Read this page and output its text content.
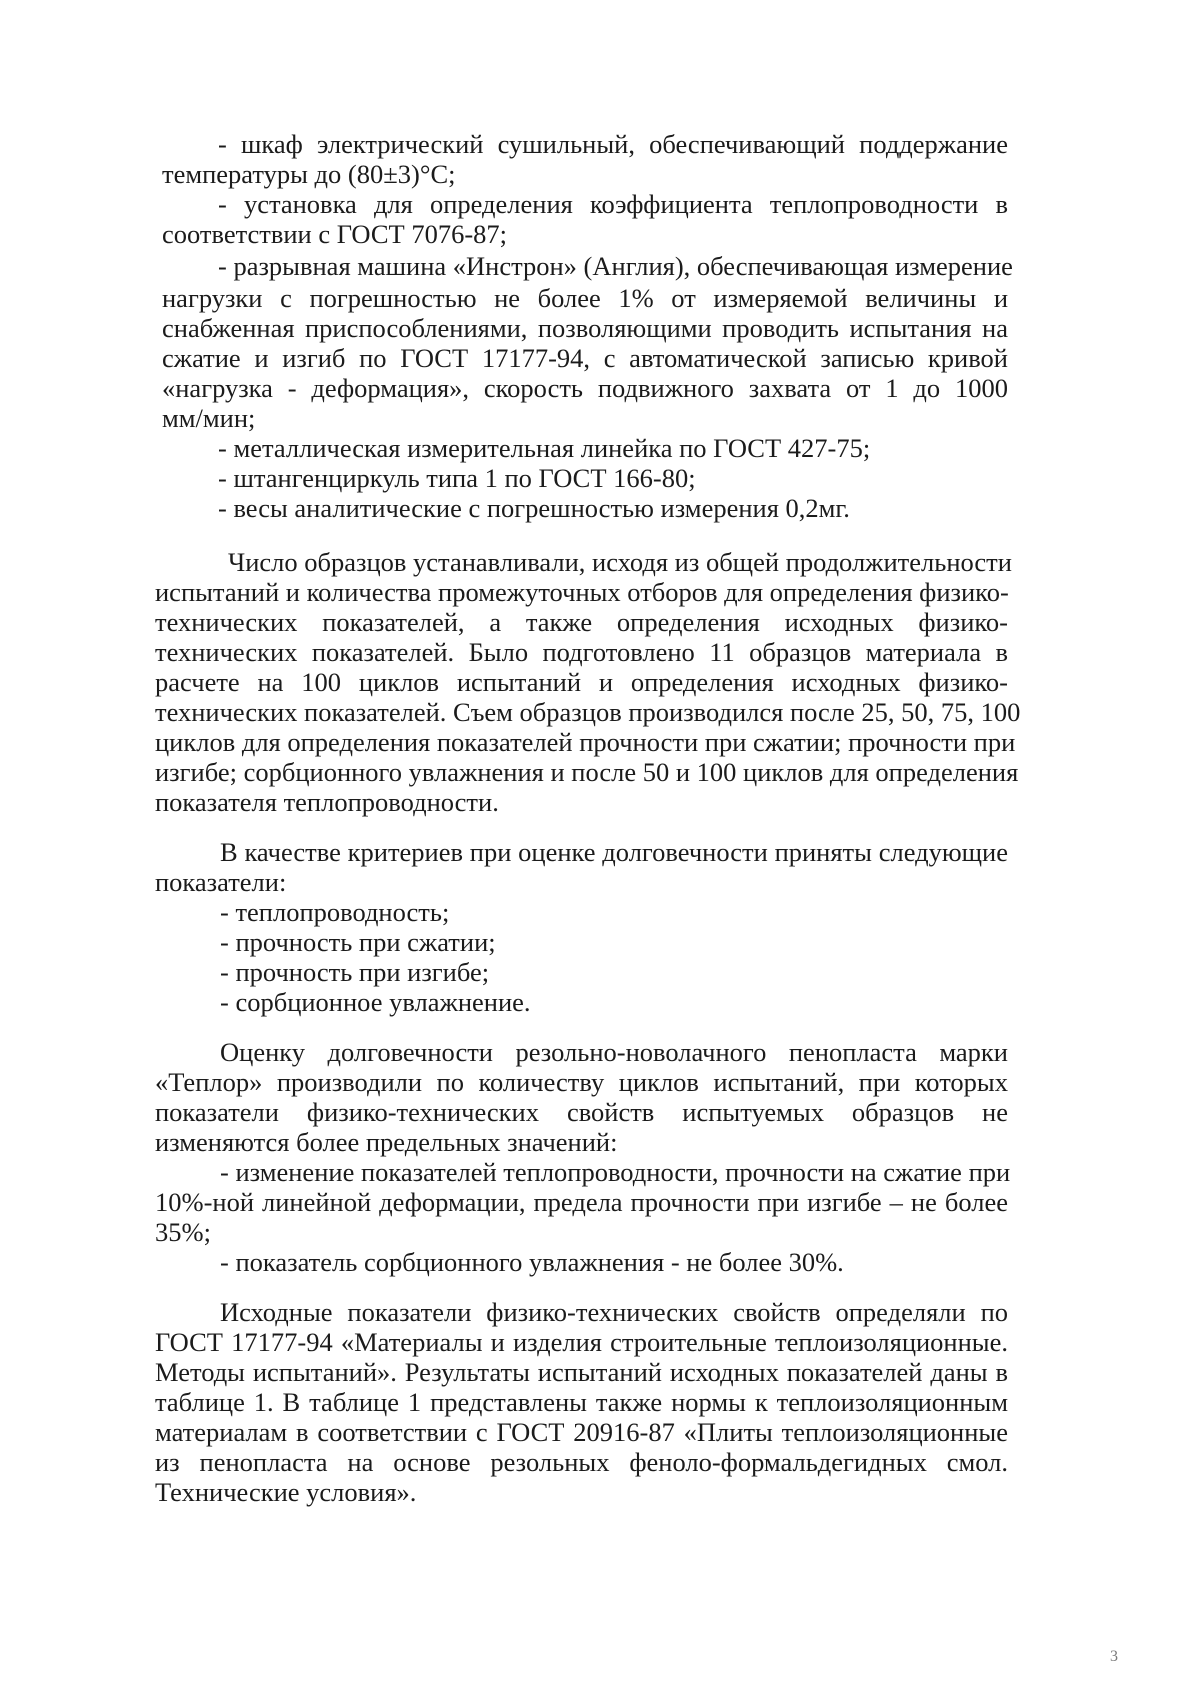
- шкаф электрический сушильный, обеспечивающий поддержание
температуры до (80±3)°С;
- установка для определения коэффициента теплопроводности в
соответствии с ГОСТ 7076-87;
- разрывная машина «Инстрон» (Англия), обеспечивающая измерение
нагрузки с погрешностью не более 1% от измеряемой величины и
снабженная приспособлениями, позволяющими проводить испытания на
сжатие и изгиб по ГОСТ 17177-94, с автоматической записью кривой
«нагрузка - деформация», скорость подвижного захвата от 1 до 1000
мм/мин;
- металлическая измерительная линейка по ГОСТ 427-75;
- штангенциркуль типа 1 по ГОСТ 166-80;
- весы аналитические с погрешностью измерения 0,2мг.
Число образцов устанавливали, исходя из общей продолжительности
испытаний и количества промежуточных отборов для определения физико-
технических показателей, а также определения исходных физико-
технических показателей. Было подготовлено 11 образцов материала в
расчете на 100 циклов испытаний и определения исходных физико-
технических показателей. Съем образцов производился после 25, 50, 75, 100
циклов для определения показателей прочности при сжатии; прочности при
изгибе; сорбционного увлажнения и после 50 и 100 циклов для определения
показателя теплопроводности.
В качестве критериев при оценке долговечности приняты следующие
показатели:
- теплопроводность;
- прочность при сжатии;
- прочность при изгибе;
- сорбционное увлажнение.
Оценку долговечности резольно-новолачного пенопласта марки
«Теплор» производили по количеству циклов испытаний, при которых
показатели физико-технических свойств испытуемых образцов не
изменяются более предельных значений:
- изменение показателей теплопроводности, прочности на сжатие при
10%-ной линейной деформации, предела прочности при изгибе – не более
35%;
- показатель сорбционного увлажнения - не более 30%.
Исходные показатели физико-технических свойств определяли по
ГОСТ 17177-94 «Материалы и изделия строительные теплоизоляционные.
Методы испытаний». Результаты испытаний исходных показателей даны в
таблице 1. В таблице 1 представлены также нормы к теплоизоляционным
материалам в соответствии с ГОСТ 20916-87 «Плиты теплоизоляционные
из пенопласта на основе резольных феноло-формальдегидных смол.
Технические условия».
3
